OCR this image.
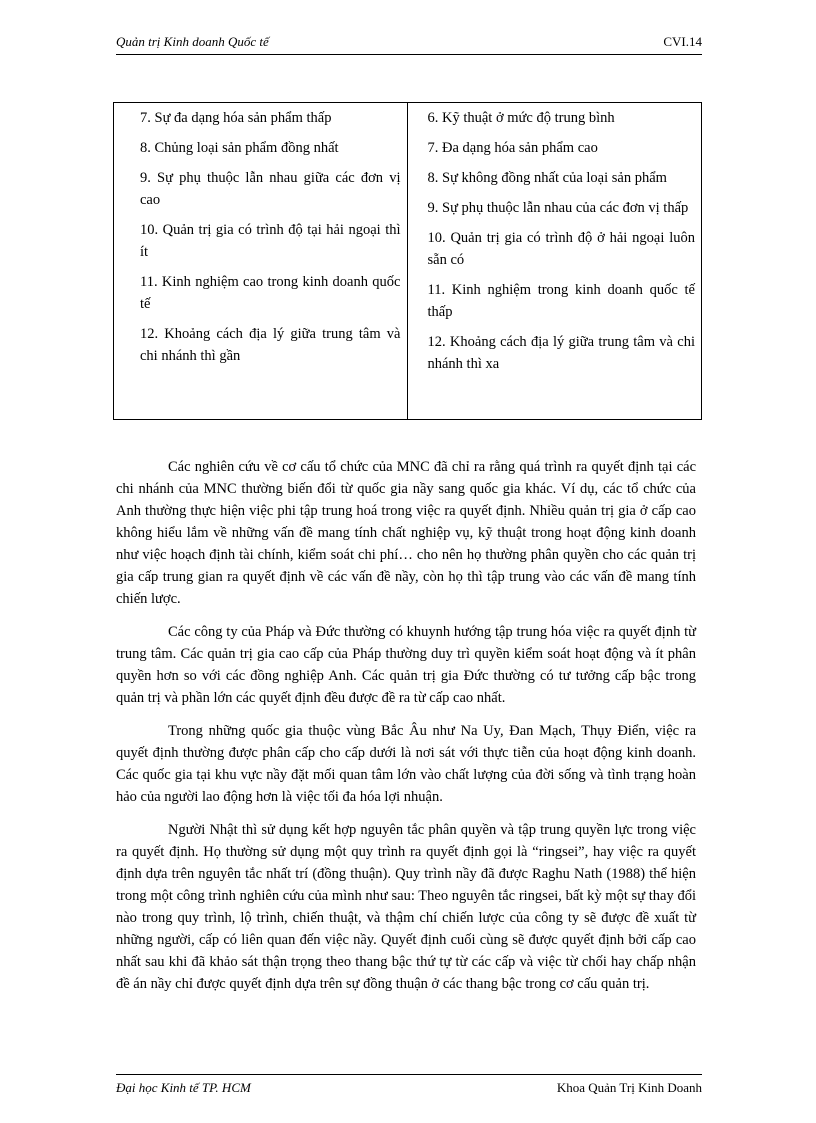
Quản trị Kinh doanh Quốc tế	CVI.14
7. Sự đa dạng hóa sản phẩm thấp
8. Chủng loại sản phẩm đồng nhất
9. Sự phụ thuộc lẫn nhau giữa các đơn vị cao
10. Quản trị gia có trình độ tại hải ngoại thì ít
11. Kinh nghiệm cao trong kinh doanh quốc tế
12. Khoảng cách địa lý giữa trung tâm và chi nhánh thì gần
6. Kỹ thuật ở mức độ trung bình
7. Đa dạng hóa sản phẩm cao
8. Sự không đồng nhất của loại sản phẩm
9. Sự phụ thuộc lẫn nhau của các đơn vị thấp
10. Quản trị gia có trình độ ở hải ngoại luôn sẵn có
11. Kinh nghiệm trong kinh doanh quốc tế thấp
12. Khoảng cách địa lý giữa trung tâm và chi nhánh thì xa

Các nghiên cứu về cơ cấu tổ chức của MNC đã chỉ ra rằng quá trình ra quyết định tại các chi nhánh của MNC thường biến đổi từ quốc gia nầy sang quốc gia khác. Ví dụ, các tổ chức của Anh thường thực hiện việc phi tập trung hoá trong việc ra quyết định. Nhiều quản trị gia ở cấp cao không hiểu lắm về những vấn đề mang tính chất nghiệp vụ, kỹ thuật trong hoạt động kinh doanh như việc hoạch định tài chính, kiểm soát chi phí… cho nên họ thường phân quyền cho các quản trị gia cấp trung gian ra quyết định về các vấn đề nầy, còn họ thì tập trung vào các vấn đề mang tính chiến lược.

Các công ty của Pháp và Đức thường có khuynh hướng tập trung hóa việc ra quyết định từ trung tâm. Các quản trị gia cao cấp của Pháp thường duy trì quyền kiểm soát hoạt động và ít phân quyền hơn so với các đồng nghiệp Anh. Các quản trị gia Đức thường có tư tưởng cấp bậc trong quản trị và phần lớn các quyết định đều được đề ra từ cấp cao nhất.

Trong những quốc gia thuộc vùng Bắc Âu như Na Uy, Đan Mạch, Thụy Điển, việc ra quyết định thường được phân cấp cho cấp dưới là nơi sát với thực tiễn của hoạt động kinh doanh. Các quốc gia tại khu vực nầy đặt mối quan tâm lớn vào chất lượng của đời sống và tình trạng hoàn hảo của người lao động hơn là việc tối đa hóa lợi nhuận.

Người Nhật thì sử dụng kết hợp nguyên tắc phân quyền và tập trung quyền lực trong việc ra quyết định. Họ thường sử dụng một quy trình ra quyết định gọi là “ringsei”, hay việc ra quyết định dựa trên nguyên tắc nhất trí (đồng thuận). Quy trình nầy đã được Raghu Nath (1988) thể hiện trong một công trình nghiên cứu của mình như sau: Theo nguyên tắc ringsei, bất kỳ một sự thay đổi nào trong quy trình, lộ trình, chiến thuật, và thậm chí chiến lược của công ty sẽ được đề xuất từ những người, cấp có liên quan đến việc nầy. Quyết định cuối cùng sẽ được quyết định bởi cấp cao nhất sau khi đã khảo sát thận trọng theo thang bậc thứ tự từ các cấp và việc từ chối hay chấp nhận đề án nầy chỉ được quyết định dựa trên sự đồng thuận ở các thang bậc trong cơ cấu quản trị.

Đại học Kinh tế TP. HCM	Khoa Quản Trị Kinh Doanh
